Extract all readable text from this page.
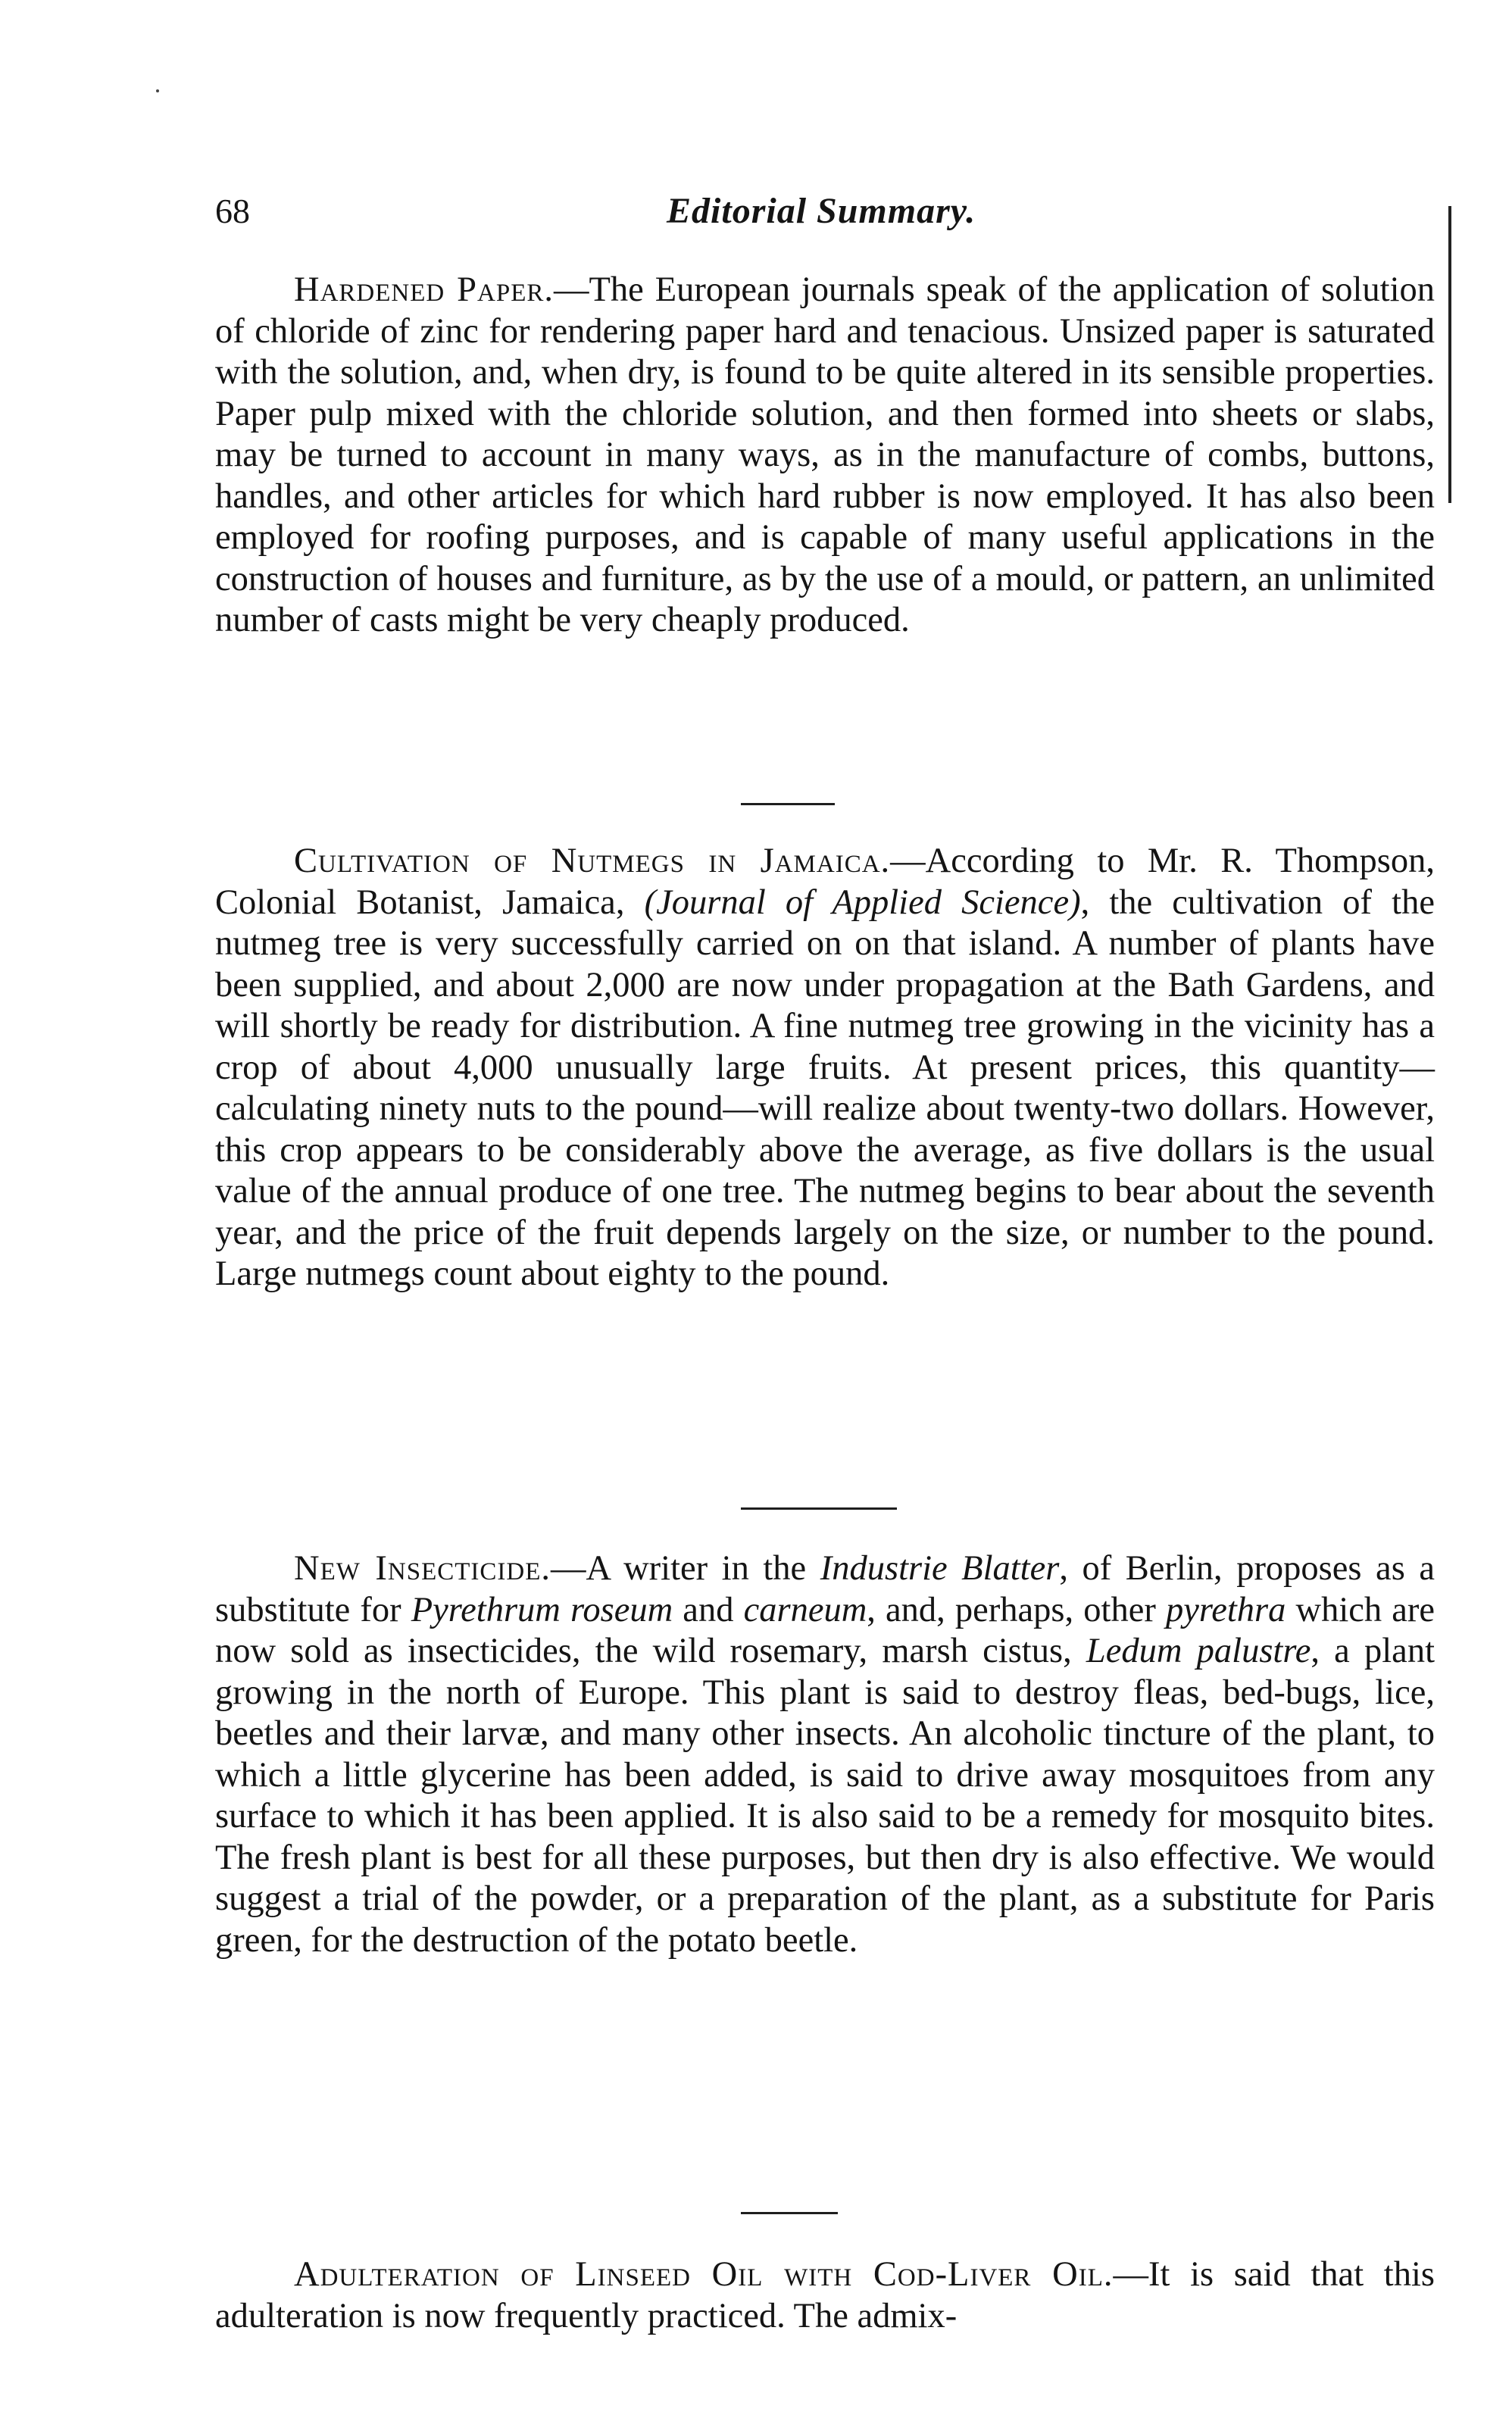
68	Editorial Summary.

Hardened Paper.—The European journals speak of the application of solution of chloride of zinc for rendering paper hard and tenacious. Unsized paper is saturated with the solution, and, when dry, is found to be quite altered in its sensible properties. Paper pulp mixed with the chloride solution, and then formed into sheets or slabs, may be turned to account in many ways, as in the manufacture of combs, buttons, handles, and other articles for which hard rubber is now employed. It has also been employed for roofing purposes, and is capable of many useful applications in the construction of houses and furniture, as by the use of a mould, or pattern, an unlimited number of casts might be very cheaply produced.

Cultivation of Nutmegs in Jamaica.—According to Mr. R. Thompson, Colonial Botanist, Jamaica, (Journal of Applied Science), the cultivation of the nutmeg tree is very successfully carried on on that island. A number of plants have been supplied, and about 2,000 are now under propagation at the Bath Gardens, and will shortly be ready for distribution. A fine nutmeg tree growing in the vicinity has a crop of about 4,000 unusually large fruits. At present prices, this quantity—calculating ninety nuts to the pound—will realize about twenty-two dollars. However, this crop appears to be considerably above the average, as five dollars is the usual value of the annual produce of one tree. The nutmeg begins to bear about the seventh year, and the price of the fruit depends largely on the size, or number to the pound. Large nutmegs count about eighty to the pound.

New Insecticide.—A writer in the Industrie Blatter, of Berlin, proposes as a substitute for Pyrethrum roseum and carneum, and, perhaps, other pyrethra which are now sold as insecticides, the wild rosemary, marsh cistus, Ledum palustre, a plant growing in the north of Europe. This plant is said to destroy fleas, bed-bugs, lice, beetles and their larvæ, and many other insects. An alcoholic tincture of the plant, to which a little glycerine has been added, is said to drive away mosquitoes from any surface to which it has been applied. It is also said to be a remedy for mosquito bites. The fresh plant is best for all these purposes, but then dry is also effective. We would suggest a trial of the powder, or a preparation of the plant, as a substitute for Paris green, for the destruction of the potato beetle.

Adulteration of Linseed Oil with Cod-Liver Oil.—It is said that this adulteration is now frequently practiced. The admix-
